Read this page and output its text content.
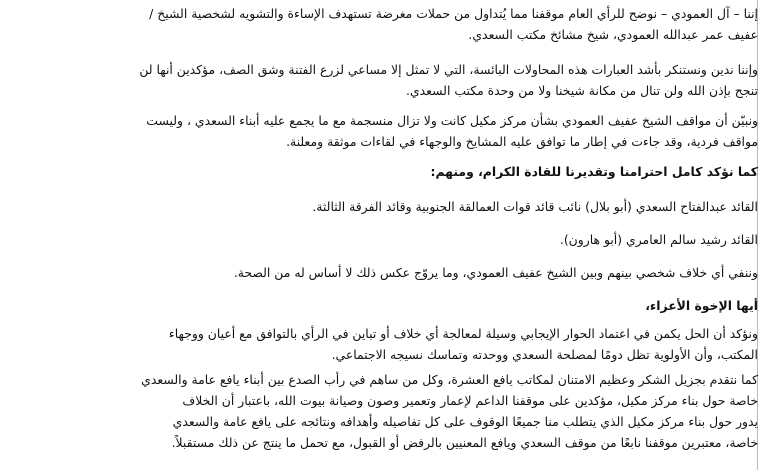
إننا – آل العمودي – نوضح للرأي العام موقفنا مما يُتداول من حملات مغرضة تستهدف الإساءة والتشويه لشخصية الشيخ /
عفيف عمر عبدالله العمودي، شيخ مشائخ مكتب السعدي.
وإننا ندين ونستنكر بأشد العبارات هذه المحاولات البائسة، التي لا تمثل إلا مساعي لزرع الفتنة وشق الصف، مؤكدين أنها لن
تنجح بإذن الله ولن تنال من مكانة شيخنا ولا من وحدة مكتب السعدي.
ونبيّن أن مواقف الشيخ عفيف العمودي بشأن مركز مكيل كانت ولا تزال منسجمة مع ما يجمع عليه أبناء السعدي ، وليست
مواقف فردية، وقد جاءت في إطار ما توافق عليه المشايخ والوجهاء في لقاءات موثقة ومعلنة.
كما نؤكد كامل احترامنا وتقديرنا للقادة الكرام، ومنهم:
القائد عبدالفتاح السعدي (أبو بلال) نائب قائد قوات العمالقة الجنوبية وقائد الفرقة الثالثة.
القائد رشيد سالم العامري (أبو هارون).
وننفي أي خلاف شخصي بينهم وبين الشيخ عفيف العمودي، وما يروّج عكس ذلك لا أساس له من الصحة.
أيها الإخوة الأعزاء،
ونؤكد أن الحل يكمن في اعتماد الحوار الإيجابي وسيلة لمعالجة أي خلاف أو تباين في الرأي بالتوافق مع أعيان ووجهاء
المكتب، وأن الأولوية تظل دومًا لمصلحة السعدي ووحدته وتماسك نسيجه الاجتماعي.
كما نتقدم بجزيل الشكر وعظيم الامتنان لمكاتب يافع العشرة، وكل من ساهم في رأب الصدع بين أبناء يافع عامة والسعدي
خاصة حول بناء مركز مكيل، مؤكدين على موقفنا الداعم لإعمار وتعمير وصون وصيانة بيوت الله، باعتبار أن الخلاف
يدور حول بناء مركز مكيل الذي يتطلب منا جميعًا الوقوف على كل تفاصيله وأهدافه ونتائجه على يافع عامة والسعدي
خاصة، معتبرين موقفنا نابعًا من موقف السعدي ويافع المعنيين بالرفض أو القبول، مع تحمل ما ينتج عن ذلك مستقبلاً.
